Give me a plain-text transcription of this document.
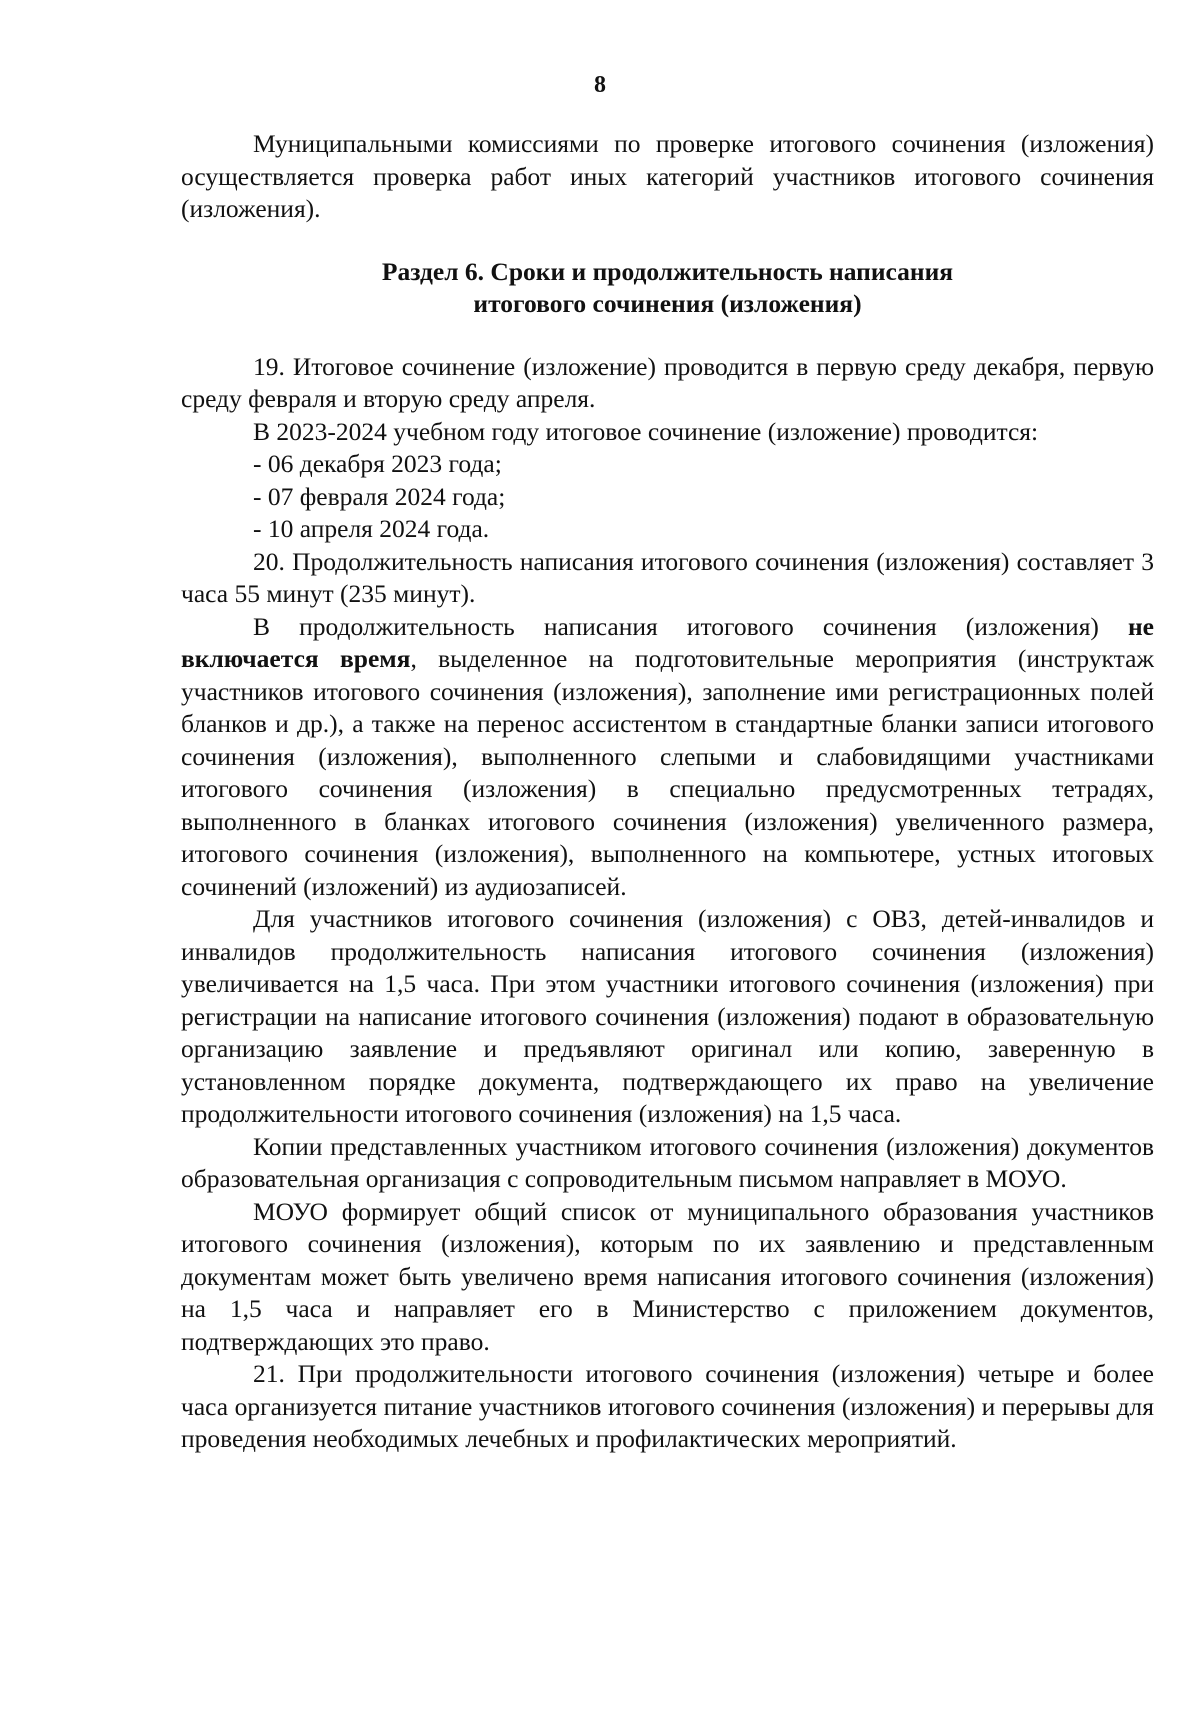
8

Муниципальными комиссиями по проверке итогового сочинения (изложения) осуществляется проверка работ иных категорий участников итогового сочинения (изложения).

Раздел 6. Сроки и продолжительность написания
итогового сочинения (изложения)

19. Итоговое сочинение (изложение) проводится в первую среду декабря, первую среду февраля и вторую среду апреля.

В 2023-2024 учебном году итоговое сочинение (изложение) проводится:

- 06 декабря 2023 года;

- 07 февраля 2024 года;

- 10 апреля 2024 года.

20. Продолжительность написания итогового сочинения (изложения) составляет 3 часа 55 минут (235 минут).

В продолжительность написания итогового сочинения (изложения) не включается время, выделенное на подготовительные мероприятия (инструктаж участников итогового сочинения (изложения), заполнение ими регистрационных полей бланков и др.), а также на перенос ассистентом в стандартные бланки записи итогового сочинения (изложения), выполненного слепыми и слабовидящими участниками итогового сочинения (изложения) в специально предусмотренных тетрадях, выполненного в бланках итогового сочинения (изложения) увеличенного размера, итогового сочинения (изложения), выполненного на компьютере, устных итоговых сочинений (изложений) из аудиозаписей.

Для участников итогового сочинения (изложения) с ОВЗ, детей-инвалидов и инвалидов продолжительность написания итогового сочинения (изложения) увеличивается на 1,5 часа. При этом участники итогового сочинения (изложения) при регистрации на написание итогового сочинения (изложения) подают в образовательную организацию заявление и предъявляют оригинал или копию, заверенную в установленном порядке документа, подтверждающего их право на увеличение продолжительности итогового сочинения (изложения) на 1,5 часа.

Копии представленных участником итогового сочинения (изложения) документов образовательная организация с сопроводительным письмом направляет в МОУО.

МОУО формирует общий список от муниципального образования участников итогового сочинения (изложения), которым по их заявлению и представленным документам может быть увеличено время написания итогового сочинения (изложения) на 1,5 часа и направляет его в Министерство с приложением документов, подтверждающих это право.

21. При продолжительности итогового сочинения (изложения) четыре и более часа организуется питание участников итогового сочинения (изложения) и перерывы для проведения необходимых лечебных и профилактических мероприятий.
